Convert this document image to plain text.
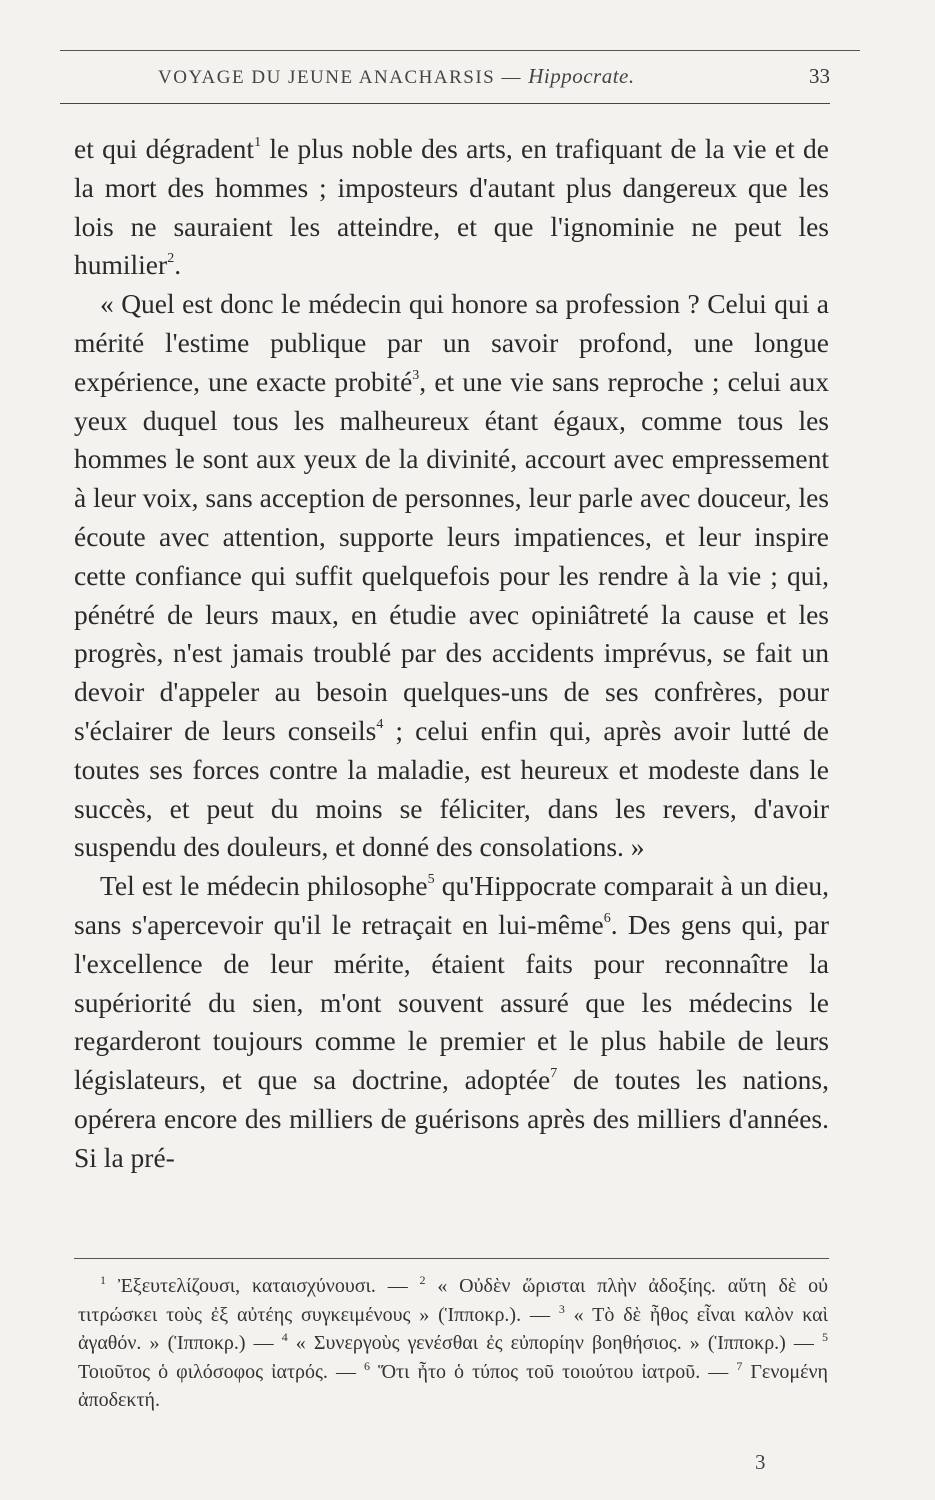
VOYAGE DU JEUNE ANACHARSIS — Hippocrate.	33

et qui dégradent$^1$ le plus noble des arts, en trafiquant de la vie et de la mort des hommes ; imposteurs d'autant plus dangereux que les lois ne sauraient les atteindre, et que l'ignominie ne peut les humilier$^2$.

« Quel est donc le médecin qui honore sa profession ? Celui qui a mérité l'estime publique par un savoir profond, une longue expérience, une exacte probité$^3$, et une vie sans reproche ; celui aux yeux duquel tous les malheureux étant égaux, comme tous les hommes le sont aux yeux de la divinité, accourt avec empressement à leur voix, sans acception de personnes, leur parle avec douceur, les écoute avec attention, supporte leurs impatiences, et leur inspire cette confiance qui suffit quelquefois pour les rendre à la vie ; qui, pénétré de leurs maux, en étudie avec opiniâtreté la cause et les progrès, n'est jamais troublé par des accidents imprévus, se fait un devoir d'appeler au besoin quelques-uns de ses confrères, pour s'éclairer de leurs conseils$^4$ ; celui enfin qui, après avoir lutté de toutes ses forces contre la maladie, est heureux et modeste dans le succès, et peut du moins se féliciter, dans les revers, d'avoir suspendu des douleurs, et donné des consolations. »

Tel est le médecin philosophe$^5$ qu'Hippocrate comparait à un dieu, sans s'apercevoir qu'il le retraçait en lui-même$^6$. Des gens qui, par l'excellence de leur mérite, étaient faits pour reconnaître la supériorité du sien, m'ont souvent assuré que les médecins le regarderont toujours comme le premier et le plus habile de leurs législateurs, et que sa doctrine, adoptée$^7$ de toutes les nations, opérera encore des milliers de guérisons après des milliers d'années. Si la pré-

$^1$ Ἐξευτελίζουσι, καταισχύνουσι. — $^2$ « Οὐδὲν ὥρισται πλὴν ἀδοξίης. αὕτη δὲ οὐ τιτρώσκει τοὺς ἐξ αὐτέης συγκειμένους » (Ἱπποκρ.). — $^3$ « Τὸ δὲ ἦθος εἶναι καλὸν καὶ ἀγαθόν. » (Ἱπποκρ.) — $^4$ « Συνεργοὺς γενέσθαι ἐς εὐπορίην βοηθήσιος. » (Ἱπποκρ.) — $^5$ Τοιοῦτος ὁ φιλόσοφος ἰατρός. — $^6$ Ὅτι ἦτο ὁ τύπος τοῦ τοιούτου ἰατροῦ. — $^7$ Γενομένη ἀποδεκτή.

3
